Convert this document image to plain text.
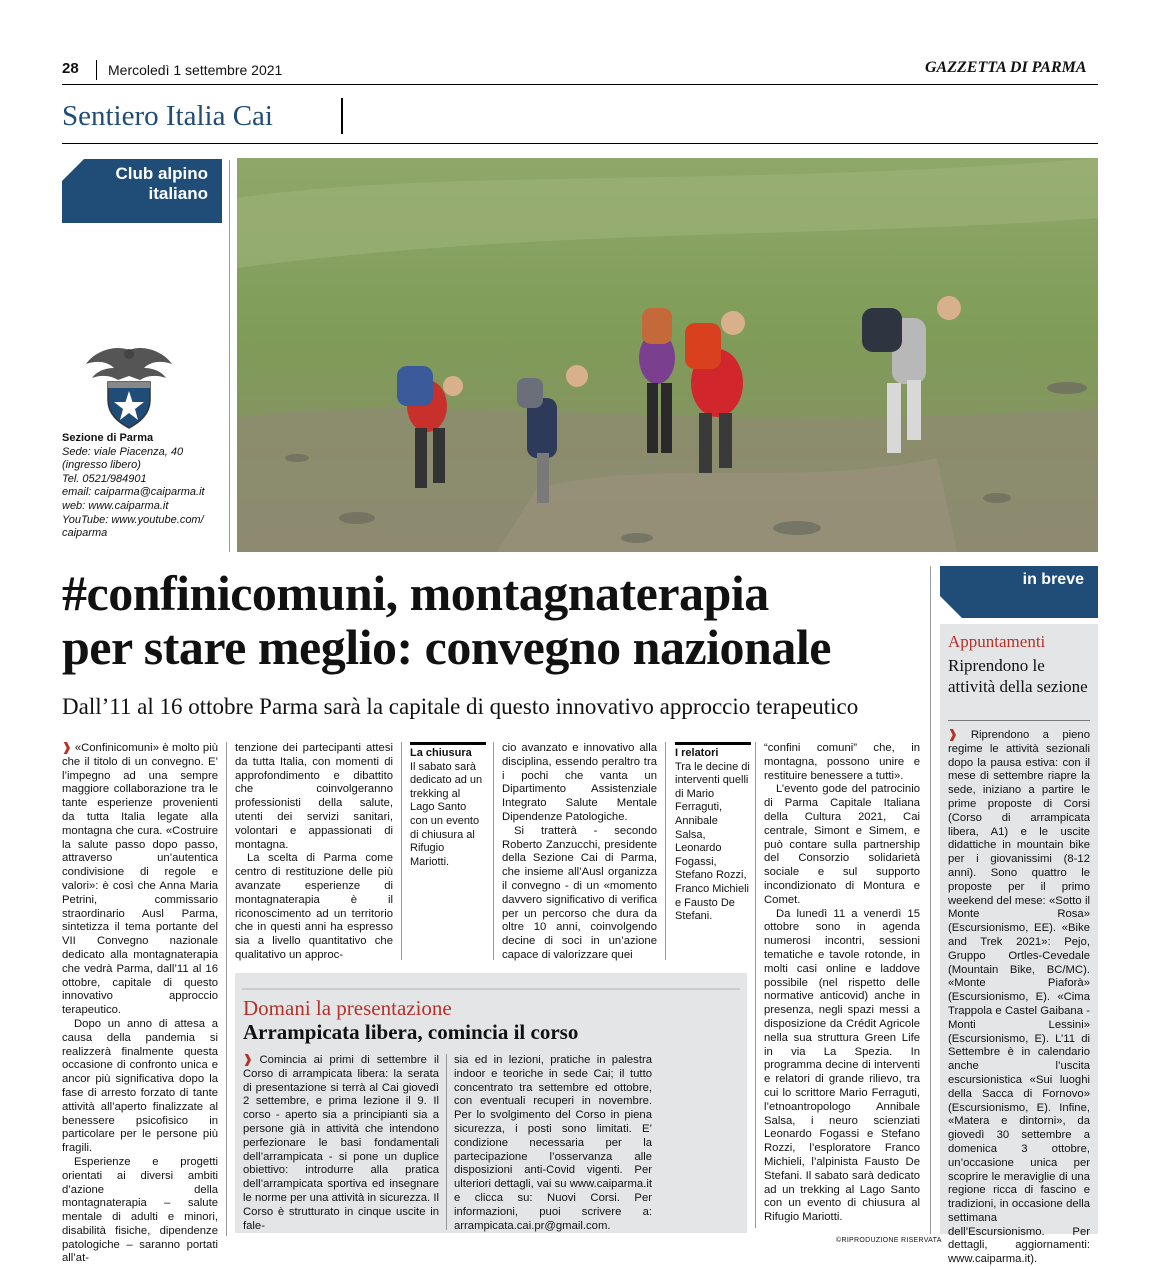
28 Mercoledì 1 settembre 2021	GAZZETTA DI PARMA
Sentiero Italia Cai
Club alpino
italiano
Sezione di Parma
Sede: viale Piacenza, 40
(ingresso libero)
Tel. 0521/984901
email: caiparma@caiparma.it
web: www.caiparma.it
YouTube: www.youtube.com/
caiparma
#confinicomuni, montagnaterapia
per stare meglio: convegno nazionale
Dall’11 al 16 ottobre Parma sarà la capitale di questo innovativo approccio terapeutico
❱ «Confinicomuni» è molto più che il titolo di un convegno. E’ l’impegno ad una sempre maggiore collaborazione tra le tante esperienze provenienti da tutta Italia legate alla montagna che cura. «Costruire la salute passo dopo passo, attraverso un’autentica condivisione di regole e valori»: è così che Anna Maria Petrini, commissario straordinario Ausl Parma, sintetizza il tema portante del VII Convegno nazionale dedicato alla montagnaterapia che vedrà Parma, dall’11 al 16 ottobre, capitale di questo innovativo approccio terapeutico.
Dopo un anno di attesa a causa della pandemia si realizzerà finalmente questa occasione di confronto unica e ancor più significativa dopo la fase di arresto forzato di tante attività all’aperto finalizzate al benessere psicofisico in particolare per le persone più fragili.
Esperienze e progetti orientati ai diversi ambiti d’azione della montagnaterapia – salute mentale di adulti e minori, disabilità fisiche, dipendenze patologiche – saranno portati all’at-
tenzione dei partecipanti attesi da tutta Italia, con momenti di approfondimento e dibattito che coinvolgeranno professionisti della salute, utenti dei servizi sanitari, volontari e appassionati di montagna.
La scelta di Parma come centro di restituzione delle più avanzate esperienze di montagnaterapia è il riconoscimento ad un territorio che in questi anni ha espresso sia a livello quantitativo che qualitativo un approc-
La chiusura
Il sabato sarà dedicato ad un trekking al Lago Santo con un evento di chiusura al Rifugio Mariotti.
cio avanzato e innovativo alla disciplina, essendo peraltro tra i pochi che vanta un Dipartimento Assistenziale Integrato Salute Mentale Dipendenze Patologiche.
Si tratterà - secondo Roberto Zanzucchi, presidente della Sezione Cai di Parma, che insieme all’Ausl organizza il convegno - di un «momento davvero significativo di verifica per un percorso che dura da oltre 10 anni, coinvolgendo decine di soci in un’azione capace di valorizzare quei
I relatori
Tra le decine di interventi quelli di Mario Ferraguti, Annibale Salsa, Leonardo Fogassi, Stefano Rozzi, Franco Michieli e Fausto De Stefani.
“confini comuni” che, in montagna, possono unire e restituire benessere a tutti».
L’evento gode del patrocinio di Parma Capitale Italiana della Cultura 2021, Cai centrale, Simont e Simem, e può contare sulla partnership del Consorzio solidarietà sociale e sul supporto incondizionato di Montura e Comet.
Da lunedì 11 a venerdì 15 ottobre sono in agenda numerosi incontri, sessioni tematiche e tavole rotonde, in molti casi online e laddove possibile (nel rispetto delle normative anticovid) anche in presenza, negli spazi messi a disposizione da Crédit Agricole nella sua struttura Green Life in via La Spezia. In programma decine di interventi e relatori di grande rilievo, tra cui lo scrittore Mario Ferraguti, l’etnoantropologo Annibale Salsa, i neuro scienziati Leonardo Fogassi e Stefano Rozzi, l’esploratore Franco Michieli, l’alpinista Fausto De Stefani. Il sabato sarà dedicato ad un trekking al Lago Santo con un evento di chiusura al Rifugio Mariotti.
Domani la presentazione
Arrampicata libera, comincia il corso
❱ Comincia ai primi di settembre il Corso di arrampicata libera: la serata di presentazione si terrà al Cai giovedì 2 settembre, e prima lezione il 9. Il corso - aperto sia a principianti sia a persone già in attività che intendono perfezionare le basi fondamentali dell’arrampicata - si pone un duplice obiettivo: introdurre alla pratica dell’arrampicata sportiva ed insegnare le norme per una attività in sicurezza. Il Corso è strutturato in cinque uscite in fale-
sia ed in lezioni, pratiche in palestra indoor e teoriche in sede Cai; il tutto concentrato tra settembre ed ottobre, con eventuali recuperi in novembre. Per lo svolgimento del Corso in piena sicurezza, i posti sono limitati. E’ condizione necessaria per la partecipazione l’osservanza alle disposizioni anti-Covid vigenti. Per ulteriori dettagli, vai su www.caiparma.it e clicca su: Nuovi Corsi. Per informazioni, puoi scrivere a: arrampicata.cai.pr@gmail.com.
in breve
Appuntamenti
Riprendono le attività della sezione
❱ Riprendono a pieno regime le attività sezionali dopo la pausa estiva: con il mese di settembre riapre la sede, iniziano a partire le prime proposte di Corsi (Corso di arrampicata libera, A1) e le uscite didattiche in mountain bike per i giovanissimi (8-12 anni). Sono quattro le proposte per il primo weekend del mese: «Sotto il Monte Rosa» (Escursionismo, EE). «Bike and Trek 2021»: Pejo, Gruppo Ortles-Cevedale (Mountain Bike, BC/MC). «Monte Piaforà» (Escursionismo, E). «Cima Trappola e Castel Gaibana - Monti Lessini» (Escursionismo, E). L’11 di Settembre è in calendario anche l’uscita escursionistica «Sui luoghi della Sacca di Fornovo» (Escursionismo, E). Infine, «Matera e dintorni», da giovedì 30 settembre a domenica 3 ottobre, un’occasione unica per scoprire le meraviglie di una regione ricca di fascino e tradizioni, in occasione della settimana dell’Escursionismo. Per dettagli, aggiornamenti: www.caiparma.it).
©RIPRODUZIONE RISERVATA
